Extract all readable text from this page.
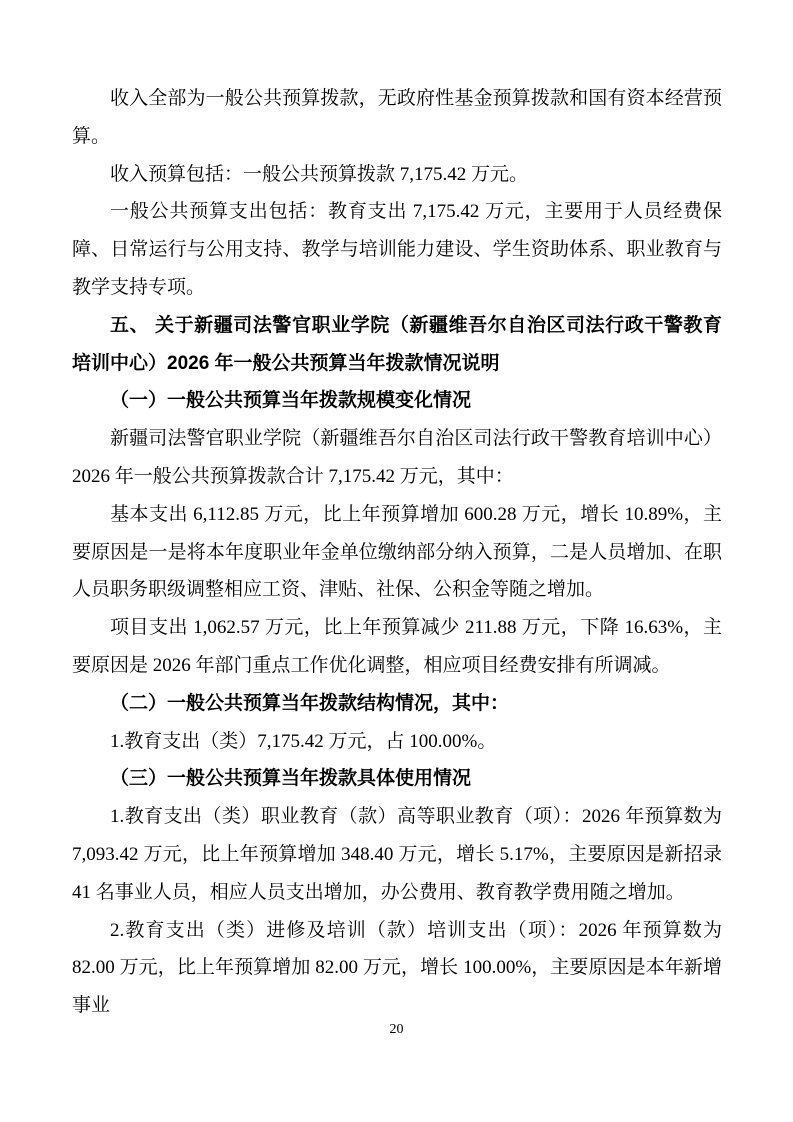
收入全部为一般公共预算拨款，无政府性基金预算拨款和国有资本经营预算。

收入预算包括：一般公共预算拨款 7,175.42 万元。

一般公共预算支出包括：教育支出 7,175.42 万元，主要用于人员经费保障、日常运行与公用支持、教学与培训能力建设、学生资助体系、职业教育与教学支持专项。

五、 关于新疆司法警官职业学院（新疆维吾尔自治区司法行政干警教育培训中心）2026 年一般公共预算当年拨款情况说明

（一）一般公共预算当年拨款规模变化情况

新疆司法警官职业学院（新疆维吾尔自治区司法行政干警教育培训中心）2026 年一般公共预算拨款合计 7,175.42 万元，其中：

基本支出 6,112.85 万元，比上年预算增加 600.28 万元，增长 10.89%，主要原因是一是将本年度职业年金单位缴纳部分纳入预算，二是人员增加、在职人员职务职级调整相应工资、津贴、社保、公积金等随之增加。

项目支出 1,062.57 万元，比上年预算减少 211.88 万元，下降 16.63%，主要原因是 2026 年部门重点工作优化调整，相应项目经费安排有所调减。

（二）一般公共预算当年拨款结构情况，其中：

1.教育支出（类）7,175.42 万元，占 100.00%。

（三）一般公共预算当年拨款具体使用情况

1.教育支出（类）职业教育（款）高等职业教育（项）：2026 年预算数为 7,093.42 万元，比上年预算增加 348.40 万元，增长 5.17%，主要原因是新招录 41 名事业人员，相应人员支出增加，办公费用、教育教学费用随之增加。

2.教育支出（类）进修及培训（款）培训支出（项）：2026 年预算数为 82.00 万元，比上年预算增加 82.00 万元，增长 100.00%，主要原因是本年新增事业

20
